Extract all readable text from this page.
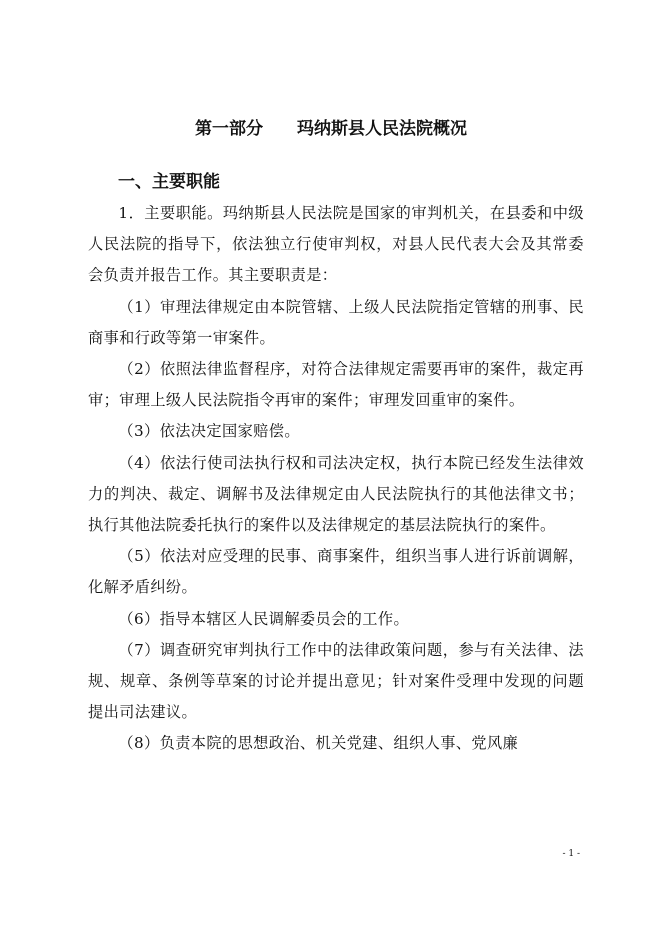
第一部分　　玛纳斯县人民法院概况
一、主要职能

1．主要职能。玛纳斯县人民法院是国家的审判机关，在县委和中级人民法院的指导下，依法独立行使审判权，对县人民代表大会及其常委会负责并报告工作。其主要职责是：

（1）审理法律规定由本院管辖、上级人民法院指定管辖的刑事、民商事和行政等第一审案件。

（2）依照法律监督程序，对符合法律规定需要再审的案件，裁定再审；审理上级人民法院指令再审的案件；审理发回重审的案件。

（3）依法决定国家赔偿。

（4）依法行使司法执行权和司法决定权，执行本院已经发生法律效力的判决、裁定、调解书及法律规定由人民法院执行的其他法律文书；执行其他法院委托执行的案件以及法律规定的基层法院执行的案件。

（5）依法对应受理的民事、商事案件，组织当事人进行诉前调解，化解矛盾纠纷。

（6）指导本辖区人民调解委员会的工作。

（7）调查研究审判执行工作中的法律政策问题，参与有关法律、法规、规章、条例等草案的讨论并提出意见；针对案件受理中发现的问题提出司法建议。

（8）负责本院的思想政治、机关党建、组织人事、党风廉

- 1 -
